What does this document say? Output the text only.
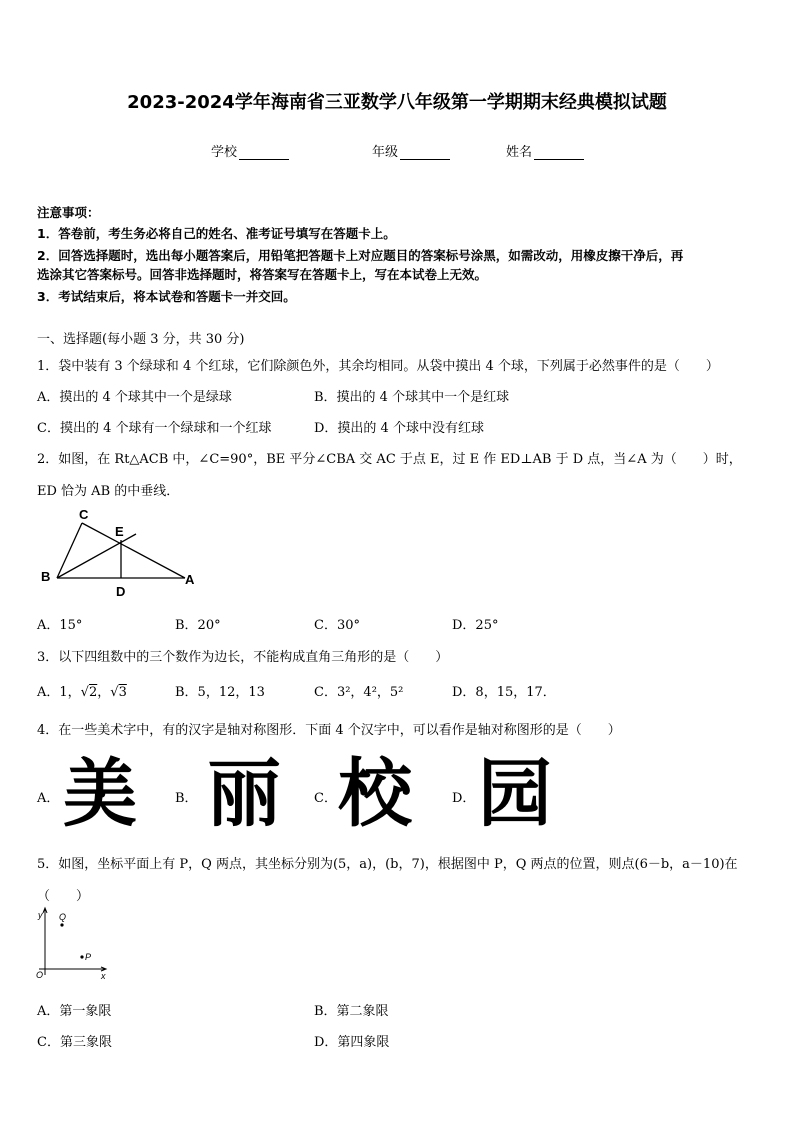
2023-2024学年海南省三亚数学八年级第一学期期末经典模拟试题
学校	年级	姓名
注意事项：
1．答卷前，考生务必将自己的姓名、准考证号填写在答题卡上。
2．回答选择题时，选出每小题答案后，用铅笔把答题卡上对应题目的答案标号涂黑，如需改动，用橡皮擦干净后，再
选涂其它答案标号。回答非选择题时，将答案写在答题卡上，写在本试卷上无效。
3．考试结束后，将本试卷和答题卡一并交回。
一、选择题(每小题 3 分，共 30 分)
1．袋中装有 3 个绿球和 4 个红球，它们除颜色外，其余均相同。从袋中摸出 4 个球，下列属于必然事件的是（　　）
A．摸出的 4 个球其中一个是绿球	B．摸出的 4 个球其中一个是红球
C．摸出的 4 个球有一个绿球和一个红球	D．摸出的 4 个球中没有红球
2．如图，在 Rt△ACB 中，∠C=90°，BE 平分∠CBA 交 AC 于点 E，过 E 作 ED⊥AB 于 D 点，当∠A 为（　　）时，
ED 恰为 AB 的中垂线．
C
E
B
D
A
A．15°	B．20°	C．30°	D．25°
3．以下四组数中的三个数作为边长，不能构成直角三角形的是（　　）
A．1，√2，√3	B．5，12，13	C．3²，4²，5²	D．8，15，17．
4．在一些美术字中，有的汉字是轴对称图形．下面 4 个汉字中，可以看作是轴对称图形的是（　　）
A． 美	B． 丽	C． 校	D． 园
5．如图，坐标平面上有 P，Q 两点，其坐标分别为(5，a)，(b，7)，根据图中 P，Q 两点的位置，则点(6－b，a－10)在
（　　）
y Q
P
O	x
A．第一象限	B．第二象限
C．第三象限	D．第四象限
